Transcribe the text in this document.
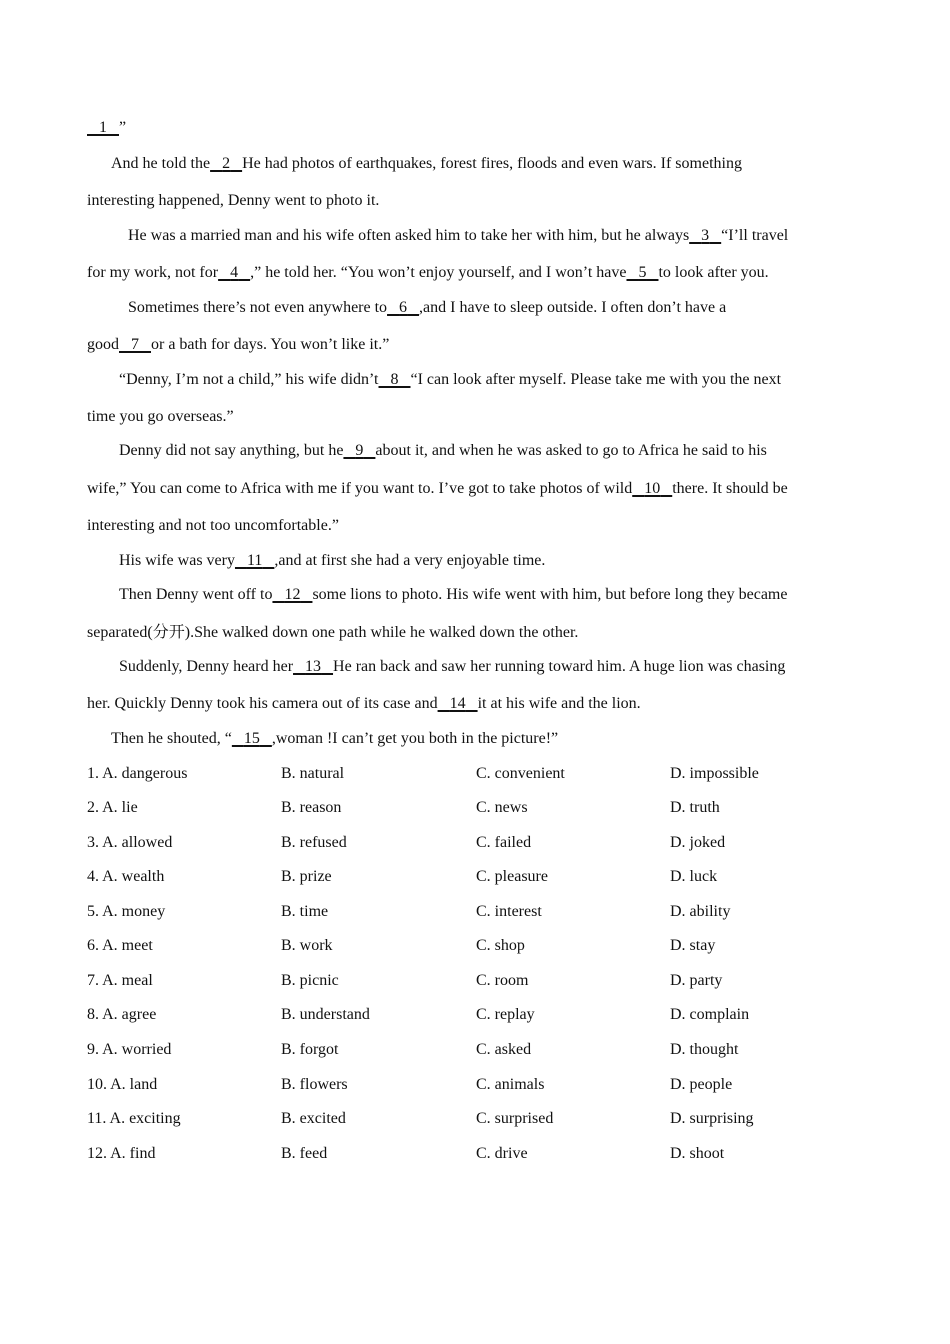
1 ”
And he told the 2 He had photos of earthquakes, forest fires, floods and even wars. If something
interesting happened, Denny went to photo it.
He was a married man and his wife often asked him to take her with him, but he always 3 “I’ll travel
for my work, not for 4 ,” he told her. “You won’t enjoy yourself, and I won’t have 5 to look after you.
Sometimes there’s not even anywhere to 6 ,and I have to sleep outside. I often don’t have a
good 7 or a bath for days. You won’t like it.”
“Denny, I’m not a child,” his wife didn’t 8 “I can look after myself. Please take me with you the next
time you go overseas.”
Denny did not say anything, but he 9 about it, and when he was asked to go to Africa he said to his
wife,” You can come to Africa with me if you want to. I’ve got to take photos of wild 10 there. It should be
interesting and not too uncomfortable.”
His wife was very 11 ,and at first she had a very enjoyable time.
Then Denny went off to 12 some lions to photo. His wife went with him, but before long they became
separated(分开).She walked down one path while he walked down the other.
Suddenly, Denny heard her 13 He ran back and saw her running toward him. A huge lion was chasing
her. Quickly Denny took his camera out of its case and 14 it at his wife and the lion.
Then he shouted, “ 15 ,woman !I can’t get you both in the picture!”
1. A. dangerous	B. natural	C. convenient	D. impossible
2. A. lie	B. reason	C. news	D. truth
3. A. allowed	B. refused	C. failed	D. joked
4. A. wealth	B. prize	C. pleasure	D. luck
5. A. money	B. time	C. interest	D. ability
6. A. meet	B. work	C. shop	D. stay
7. A. meal	B. picnic	C. room	D. party
8. A. agree	B. understand	C. replay	D. complain
9. A. worried	B. forgot	C. asked	D. thought
10. A. land	B. flowers	C. animals	D. people
11. A. exciting	B. excited	C. surprised	D. surprising
12. A. find	B. feed	C. drive	D. shoot
